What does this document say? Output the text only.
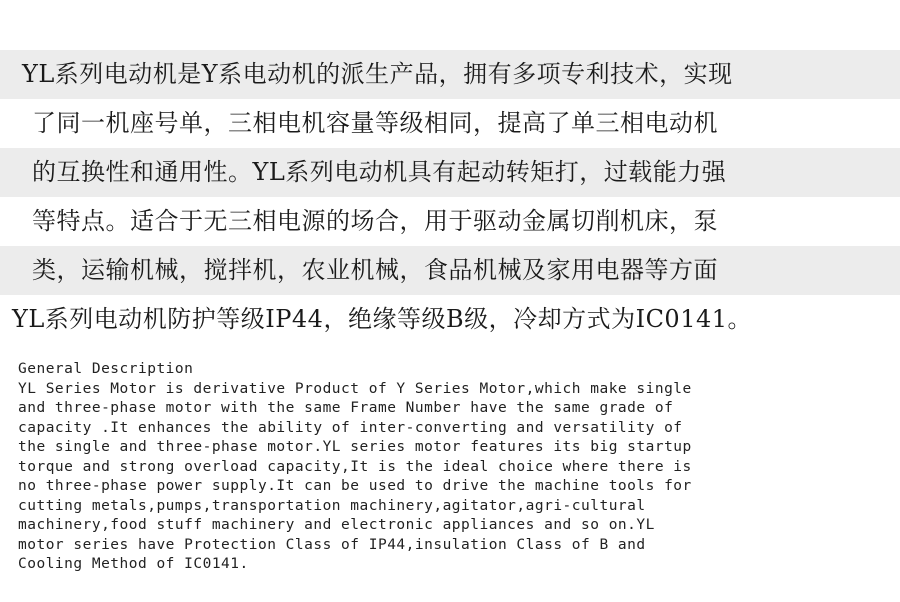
YL系列电动机是Y系电动机的派生产品，拥有多项专利技术，实现
了同一机座号单，三相电机容量等级相同，提高了单三相电动机
的互换性和通用性。YL系列电动机具有起动转矩打，过载能力强
等特点。适合于无三相电源的场合，用于驱动金属切削机床，泵
类，运输机械，搅拌机，农业机械，食品机械及家用电器等方面
YL系列电动机防护等级IP44，绝缘等级B级，冷却方式为IC0141。
General Description
YL Series Motor is derivative Product of Y Series Motor,which make single
and three-phase motor with the same Frame Number have the same grade of
capacity .It enhances the ability of inter-converting and versatility of
the single and three-phase motor.YL series motor features its big startup
torque and strong overload capacity,It is the ideal choice where there is
no three-phase power supply.It can be used to drive the machine tools for
cutting metals,pumps,transportation machinery,agitator,agri-cultural
machinery,food stuff machinery and electronic appliances and so on.YL
motor series have Protection Class of IP44,insulation Class of B and
Cooling Method of IC0141.
